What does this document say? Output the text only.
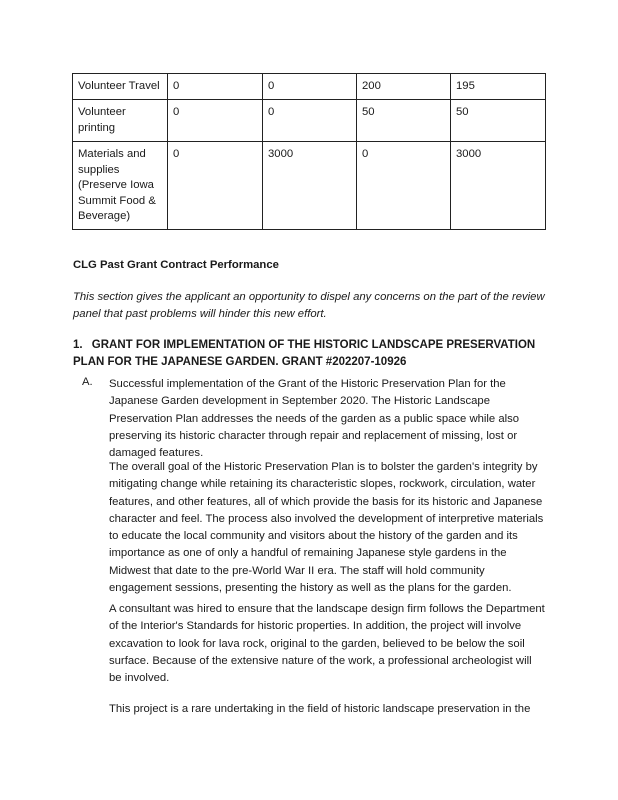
Volunteer Travel	0	0	200	195
Volunteer printing	0	0	50	50
Materials and supplies (Preserve Iowa Summit Food & Beverage)	0	3000	0	3000
CLG Past Grant Contract Performance
This section gives the applicant an opportunity to dispel any concerns on the part of the review panel that past problems will hinder this new effort.
1. GRANT FOR IMPLEMENTATION OF THE HISTORIC LANDSCAPE PRESERVATION PLAN FOR THE JAPANESE GARDEN. GRANT #202207-10926
A. Successful implementation of the Grant of the Historic Preservation Plan for the Japanese Garden development in September 2020. The Historic Landscape Preservation Plan addresses the needs of the garden as a public space while also preserving its historic character through repair and replacement of missing, lost or damaged features.
The overall goal of the Historic Preservation Plan is to bolster the garden's integrity by mitigating change while retaining its characteristic slopes, rockwork, circulation, water features, and other features, all of which provide the basis for its historic and Japanese character and feel. The process also involved the development of interpretive materials to educate the local community and visitors about the history of the garden and its importance as one of only a handful of remaining Japanese style gardens in the Midwest that date to the pre-World War II era. The staff will hold community engagement sessions, presenting the history as well as the plans for the garden.
A consultant was hired to ensure that the landscape design firm follows the Department of the Interior's Standards for historic properties. In addition, the project will involve excavation to look for lava rock, original to the garden, believed to be below the soil surface. Because of the extensive nature of the work, a professional archeologist will be involved.
This project is a rare undertaking in the field of historic landscape preservation in the
